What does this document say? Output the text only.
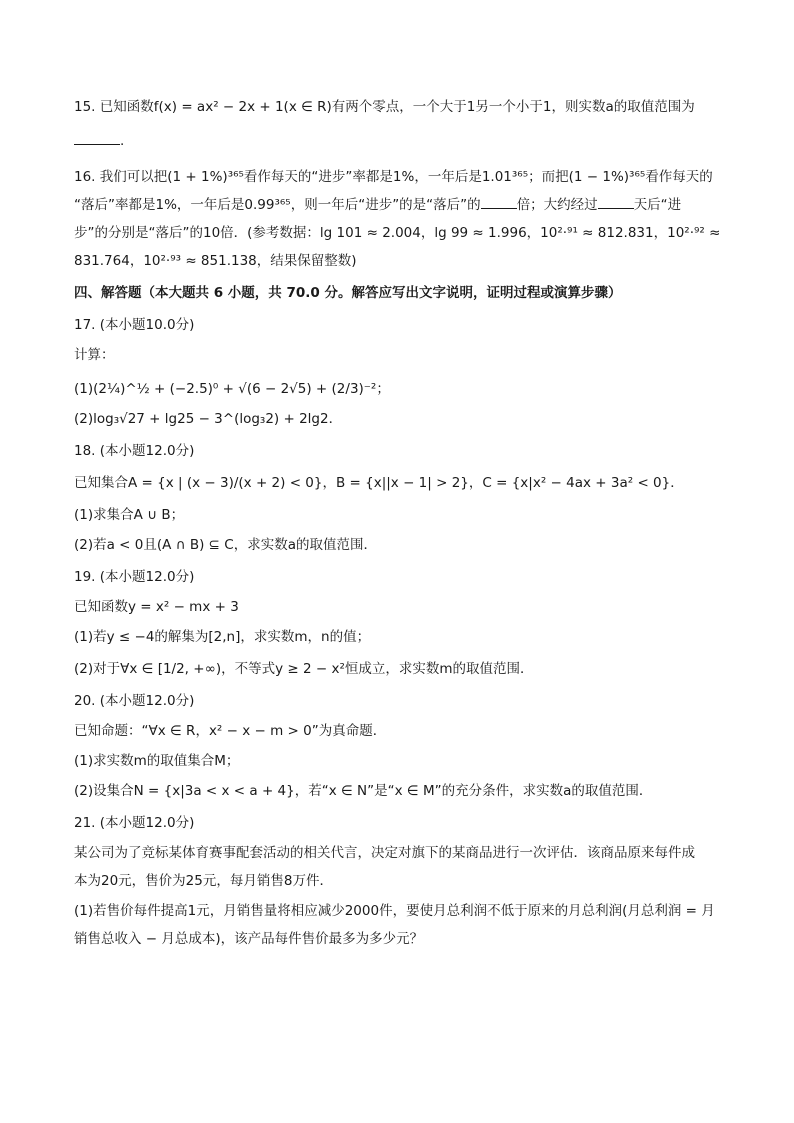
15. 已知函数f(x) = ax² − 2x + 1(x ∈ R)有两个零点，一个大于1另一个小于1，则实数a的取值范围为
.
16. 我们可以把(1 + 1%)³⁶⁵看作每天的“进步”率都是1%，一年后是1.01³⁶⁵；而把(1 − 1%)³⁶⁵看作每天的
“落后”率都是1%，一年后是0.99³⁶⁵，则一年后“进步”的是“落后”的	倍；大约经过	天后“进
步”的分别是“落后”的10倍．(参考数据：lg 101 ≈ 2.004，lg 99 ≈ 1.996，10²·⁹¹ ≈ 812.831，10²·⁹² ≈
831.764，10²·⁹³ ≈ 851.138，结果保留整数)
四、解答题（本大题共 6 小题，共 70.0 分。解答应写出文字说明，证明过程或演算步骤）
17. (本小题10.0分)
计算：
(1)(2¼)^½ + (−2.5)⁰ + √(6 − 2√5) + (2/3)⁻²；
(2)log₃√27 + lg25 − 3^(log₃2) + 2lg2．
18. (本小题12.0分)
已知集合A = {x | (x − 3)/(x + 2) < 0}，B = {x||x − 1| > 2}，C = {x|x² − 4ax + 3a² < 0}．
(1)求集合A ∪ B；
(2)若a < 0且(A ∩ B) ⊆ C，求实数a的取值范围．
19. (本小题12.0分)
已知函数y = x² − mx + 3
(1)若y ≤ −4的解集为[2,n]，求实数m，n的值；
(2)对于∀x ∈ [1/2, +∞)，不等式y ≥ 2 − x²恒成立，求实数m的取值范围．
20. (本小题12.0分)
已知命题：“∀x ∈ R，x² − x − m > 0”为真命题．
(1)求实数m的取值集合M；
(2)设集合N = {x|3a < x < a + 4}，若“x ∈ N”是“x ∈ M”的充分条件，求实数a的取值范围．
21. (本小题12.0分)
某公司为了竞标某体育赛事配套活动的相关代言，决定对旗下的某商品进行一次评估．该商品原来每件成
本为20元，售价为25元，每月销售8万件．
(1)若售价每件提高1元，月销售量将相应减少2000件，要使月总利润不低于原来的月总利润(月总利润 = 月
销售总收入 − 月总成本)，该产品每件售价最多为多少元？
